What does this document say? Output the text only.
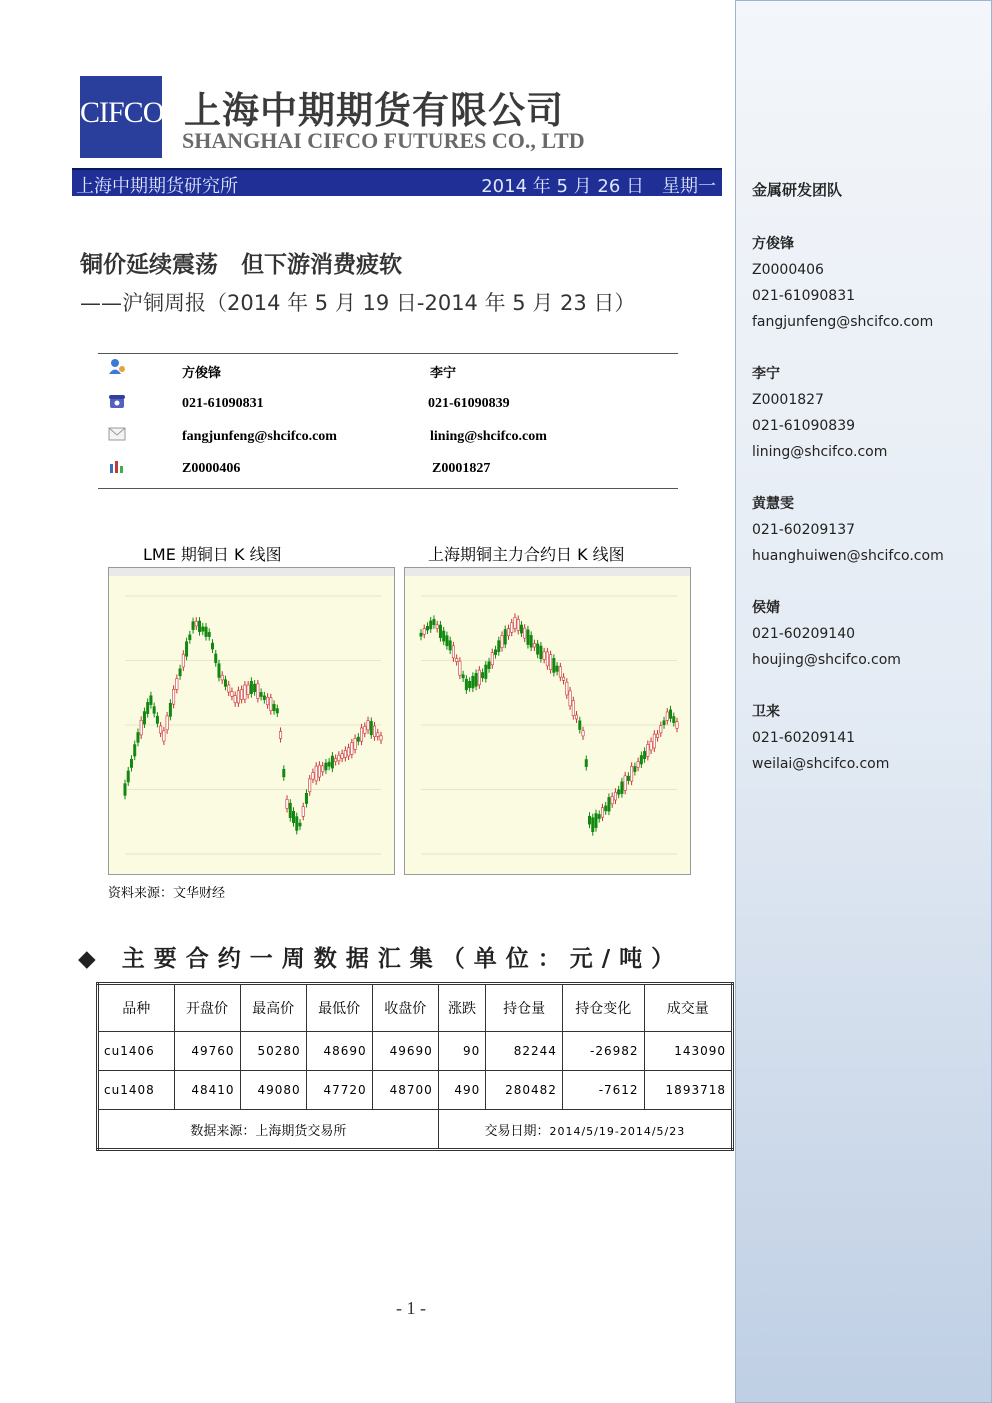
金属研发团队
方俊锋
Z0000406
021-61090831
fangjunfeng@shcifco.com
李宁
Z0001827
021-61090839
lining@shcifco.com
黄慧雯
021-60209137
huanghuiwen@shcifco.com
侯婧
021-60209140
houjing@shcifco.com
卫来
021-60209141
weilai@shcifco.com
CIFCO 上海中期期货有限公司
SHANGHAI CIFCO FUTURES CO., LTD
上海中期期货研究所	2014 年 5 月 26 日　星期一
铜价延续震荡　但下游消费疲软
——沪铜周报（2014 年 5 月 19 日-2014 年 5 月 23 日）
方俊锋	李宁
021-61090831	021-61090839
fangjunfeng@shcifco.com	lining@shcifco.com
Z0000406	Z0001827
LME 期铜日 K 线图	上海期铜主力合约日 K 线图
资料来源：文华财经
◆ 主要合约一周数据汇集（单位：元/吨）
品种	开盘价	最高价	最低价	收盘价	涨跌	持仓量	持仓变化	成交量
cu1406	49760	50280	48690	49690	90	82244	-26982	143090
cu1408	48410	49080	47720	48700	490	280482	-7612	1893718
数据来源：上海期货交易所					交易日期：2014/5/19-2014/5/23			
- 1 -
